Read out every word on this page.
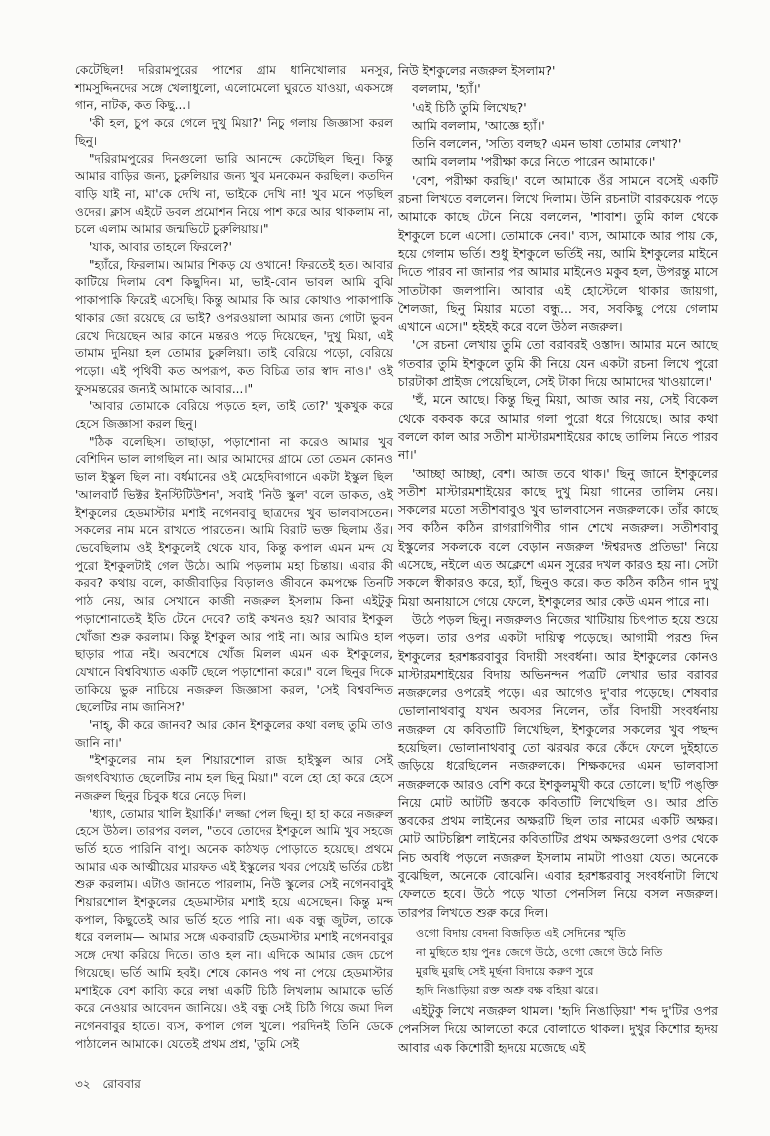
কেটেছিল! দরিরামপুরের পাশের গ্রাম ধানিখোলার মনসুর, শামসুদ্দিনদের সঙ্গে খেলাধুলো, এলোমেলো ঘুরতে যাওয়া, একসঙ্গে গান, নাটক, কত কিছু...।

'কী হল, চুপ করে গেলে দুখু মিয়া?' নিচু গলায় জিজ্ঞাসা করল ছিনু।

"দরিরামপুরের দিনগুলো ভারি আনন্দে কেটেছিল ছিনু। কিন্তু আমার বাড়ির জন্য, চুরুলিয়ার জন্য খুব মনকেমন করছিল। কতদিন বাড়ি যাই না, মা'কে দেখি না, ভাইকে দেখি না! খুব মনে পড়ছিল ওদের। ক্লাস এইটে ডবল প্রমোশন নিয়ে পাশ করে আর থাকলাম না, চলে এলাম আমার জন্মভিটে চুরুলিয়ায়।"

'যাক, আবার তাহলে ফিরলে?'

"হ্যাঁরে, ফিরলাম। আমার শিকড় যে ওখানে! ফিরতেই হত। আবার কাটিয়ে দিলাম বেশ কিছুদিন। মা, ভাই-বোন ভাবল আমি বুঝি পাকাপাকি ফিরেই এসেছি। কিন্তু আমার কি আর কোথাও পাকাপাকি থাকার জো রয়েছে রে ভাই? ওপরওয়ালা আমার জন্য গোটা ভুবন রেখে দিয়েছেন আর কানে মন্তরও পড়ে দিয়েছেন, 'দুখু মিয়া, এই তামাম দুনিয়া হল তোমার চুরুলিয়া। তাই বেরিয়ে পড়ো, বেরিয়ে পড়ো। এই পৃথিবী কত অপরূপ, কত বিচিত্র তার স্বাদ নাও।' ওই ফুসমন্তরের জন্যই আমাকে আবার...।"

'আবার তোমাকে বেরিয়ে পড়তে হল, তাই তো?' খুকখুক করে হেসে জিজ্ঞাসা করল ছিনু।

"ঠিক বলেছিস। তাছাড়া, পড়াশোনা না করেও আমার খুব বেশিদিন ভাল লাগছিল না। আর আমাদের গ্রামে তো তেমন কোনও ভাল ইস্কুল ছিল না। বর্ধমানের ওই মেহেদিবাগানে একটা ইস্কুল ছিল 'আলবার্ট ভিক্টর ইনস্টিটিউশন', সবাই 'নিউ স্কুল' বলে ডাকত, ওই ইশকুলের হেডমাস্টার মশাই নগেনবাবু ছাত্রদের খুব ভালবাসতেন। সকলের নাম মনে রাখতে পারতেন। আমি বিরাট ভক্ত ছিলাম ওঁর। ভেবেছিলাম ওই ইশকুলেই থেকে যাব, কিন্তু কপাল এমন মন্দ যে পুরো ইশকুলটাই গেল উঠে। আমি পড়লাম মহা চিন্তায়। এবার কী করব? কথায় বলে, কাজীবাড়ির বিড়ালও জীবনে কমপক্ষে তিনটি পাঠ নেয়, আর সেখানে কাজী নজরুল ইসলাম কিনা এইটুকু পড়াশোনাতেই ইতি টেনে দেবে? তাই কখনও হয়? আবার ইশকুল খোঁজা শুরু করলাম। কিন্তু ইশকুল আর পাই না। আর আমিও হাল ছাড়ার পাত্র নই। অবশেষে খোঁজ মিলল এমন এক ইশকুলের, যেখানে বিশ্ববিখ্যাত একটি ছেলে পড়াশোনা করে।" বলে ছিনুর দিকে তাকিয়ে ভুরু নাচিয়ে নজরুল জিজ্ঞাসা করল, 'সেই বিশ্ববন্দিত ছেলেটির নাম জানিস?'

'নাহ্, কী করে জানব? আর কোন ইশকুলের কথা বলছ তুমি তাও জানি না।'

"ইশকুলের নাম হল শিয়ারশোল রাজ হাইস্কুল আর সেই জগৎবিখ্যাত ছেলেটির নাম হল ছিনু মিয়া।" বলে হো হো করে হেসে নজরুল ছিনুর চিবুক ধরে নেড়ে দিল।

'ধ্যাৎ, তোমার খালি ইয়ার্কি।' লজ্জা পেল ছিনু। হা হা করে নজরুল হেসে উঠল। তারপর বলল, "তবে তোদের ইশকুলে আমি খুব সহজে ভর্তি হতে পারিনি বাপু। অনেক কাঠখড় পোড়াতে হয়েছে। প্রথমে আমার এক আত্মীয়ের মারফত এই ইস্কুলের খবর পেয়েই ভর্তির চেষ্টা শুরু করলাম। এটাও জানতে পারলাম, নিউ স্কুলের সেই নগেনবাবুই শিয়ারশোল ইশকুলের হেডমাস্টার মশাই হয়ে এসেছেন। কিন্তু মন্দ কপাল, কিছুতেই আর ভর্তি হতে পারি না। এক বন্ধু জুটল, তাকে ধরে বললাম— আমার সঙ্গে একবারটি হেডমাস্টার মশাই নগেনবাবুর সঙ্গে দেখা করিয়ে দিতে। তাও হল না। এদিকে আমার জেদ চেপে গিয়েছে। ভর্তি আমি হবই। শেষে কোনও পথ না পেয়ে হেডমাস্টার মশাইকে বেশ কাব্যি করে লম্বা একটি চিঠি লিখলাম আমাকে ভর্তি করে নেওয়ার আবেদন জানিয়ে। ওই বন্ধু সেই চিঠি গিয়ে জমা দিল নগেনবাবুর হাতে। ব্যস, কপাল গেল খুলে। পরদিনই তিনি ডেকে পাঠালেন আমাকে। যেতেই প্রথম প্রশ্ন, 'তুমি সেই

নিউ ইশকুলের নজরুল ইসলাম?'

বললাম, 'হ্যাঁ।'

'এই চিঠি তুমি লিখেছ?'

আমি বললাম, 'আজ্ঞে হ্যাঁ।'

তিনি বললেন, 'সত্যি বলছ? এমন ভাষা তোমার লেখা?'

আমি বললাম 'পরীক্ষা করে নিতে পারেন আমাকে।'

'বেশ, পরীক্ষা করছি।' বলে আমাকে ওঁর সামনে বসেই একটি রচনা লিখতে বললেন। লিখে দিলাম। উনি রচনাটা বারকয়েক পড়ে আমাকে কাছে টেনে নিয়ে বললেন, 'শাবাশ। তুমি কাল থেকে ইশকুলে চলে এসো। তোমাকে নেব।' ব্যস, আমাকে আর পায় কে, হয়ে গেলাম ভর্তি। শুধু ইশকুলে ভর্তিই নয়, আমি ইশকুলের মাইনে দিতে পারব না জানার পর আমার মাইনেও মকুব হল, উপরন্তু মাসে সাতটাকা জলপানি। আবার এই হোস্টেলে থাকার জায়গা, শৈলজা, ছিনু মিয়ার মতো বন্ধু... সব, সবকিছু পেয়ে গেলাম এখানে এসে।" হইহই করে বলে উঠল নজরুল।

'সে রচনা লেখায় তুমি তো বরাবরই ওস্তাদ। আমার মনে আছে গতবার তুমি ইশকুলে তুমি কী নিয়ে যেন একটা রচনা লিখে পুরো চারটাকা প্রাইজ পেয়েছিলে, সেই টাকা দিয়ে আমাদের খাওয়ালে।'

'হুঁ, মনে আছে। কিন্তু ছিনু মিয়া, আজ আর নয়, সেই বিকেল থেকে বকবক করে আমার গলা পুরো ধরে গিয়েছে। আর কথা বললে কাল আর সতীশ মাস্টারমশাইয়ের কাছে তালিম নিতে পারব না।'

'আচ্ছা আচ্ছা, বেশ। আজ তবে থাক।' ছিনু জানে ইশকুলের সতীশ মাস্টারমশাইয়ের কাছে দুখু মিয়া গানের তালিম নেয়। সকলের মতো সতীশবাবুও খুব ভালবাসেন নজরুলকে। তাঁর কাছে সব কঠিন কঠিন রাগরাগিণীর গান শেখে নজরুল। সতীশবাবু ইস্কুলের সকলকে বলে বেড়ান নজরুল 'ঈশ্বরদত্ত প্রতিভা' নিয়ে এসেছে, নইলে এত অক্লেশে এমন সুরের দখল কারও হয় না। সেটা সকলে স্বীকারও করে, হ্যাঁ, ছিনুও করে। কত কঠিন কঠিন গান দুখু মিয়া অনায়াসে গেয়ে ফেলে, ইশকুলের আর কেউ এমন পারে না।

উঠে পড়ল ছিনু। নজরুলও নিজের খাটিয়ায় চিৎপাত হয়ে শুয়ে পড়ল। তার ওপর একটা দায়িত্ব পড়েছে। আগামী পরশু দিন ইশকুলের হরশঙ্করবাবুর বিদায়ী সংবর্ধনা। আর ইশকুলের কোনও মাস্টারমশাইয়ের বিদায় অভিনন্দন পত্রটি লেখার ভার বরাবর নজরুলের ওপরেই পড়ে। এর আগেও দু'বার পড়েছে। শেষবার ভোলানাথবাবু যখন অবসর নিলেন, তাঁর বিদায়ী সংবর্ধনায় নজরুল যে কবিতাটি লিখেছিল, ইশকুলের সকলের খুব পছন্দ হয়েছিল। ভোলানাথবাবু তো ঝরঝর করে কেঁদে ফেলে দুইহাতে জড়িয়ে ধরেছিলেন নজরুলকে। শিক্ষকদের এমন ভালবাসা নজরুলকে আরও বেশি করে ইশকুলমুখী করে তোলে। ছ'টি পঙ্‌ক্তি নিয়ে মোট আটটি স্তবকে কবিতাটি লিখেছিল ও। আর প্রতি স্তবকের প্রথম লাইনের অক্ষরটি ছিল তার নামের একটি অক্ষর। মোট আটচল্লিশ লাইনের কবিতাটির প্রথম অক্ষরগুলো ওপর থেকে নিচ অবধি পড়লে নজরুল ইসলাম নামটা পাওয়া যেত। অনেকে বুঝেছিল, অনেকে বোঝেনি। এবার হরশঙ্করবাবু সংবর্ধনাটা লিখে ফেলতে হবে। উঠে পড়ে খাতা পেনসিল নিয়ে বসল নজরুল। তারপর লিখতে শুরু করে দিল।

ওগো বিদায় বেদনা বিজড়িত এই সেদিনের স্মৃতি
না মুছিতে হায় পুনঃ জেগে উঠে, ওগো জেগে উঠে নিতি
মুরছি মুরছি সেই মূর্ছনা বিদায়ে করুণ সুরে
হৃদি নিঙাড়িয়া রক্ত অশ্রু বক্ষ বহিয়া ঝরে।

এইটুকু লিখে নজরুল থামল। 'হৃদি নিঙাড়িয়া' শব্দ দু'টির ওপর পেনসিল দিয়ে আলতো করে বোলাতে থাকল। দুখুর কিশোর হৃদয় আবার এক কিশোরী হৃদয়ে মজেছে এই

৩২ রোববার
